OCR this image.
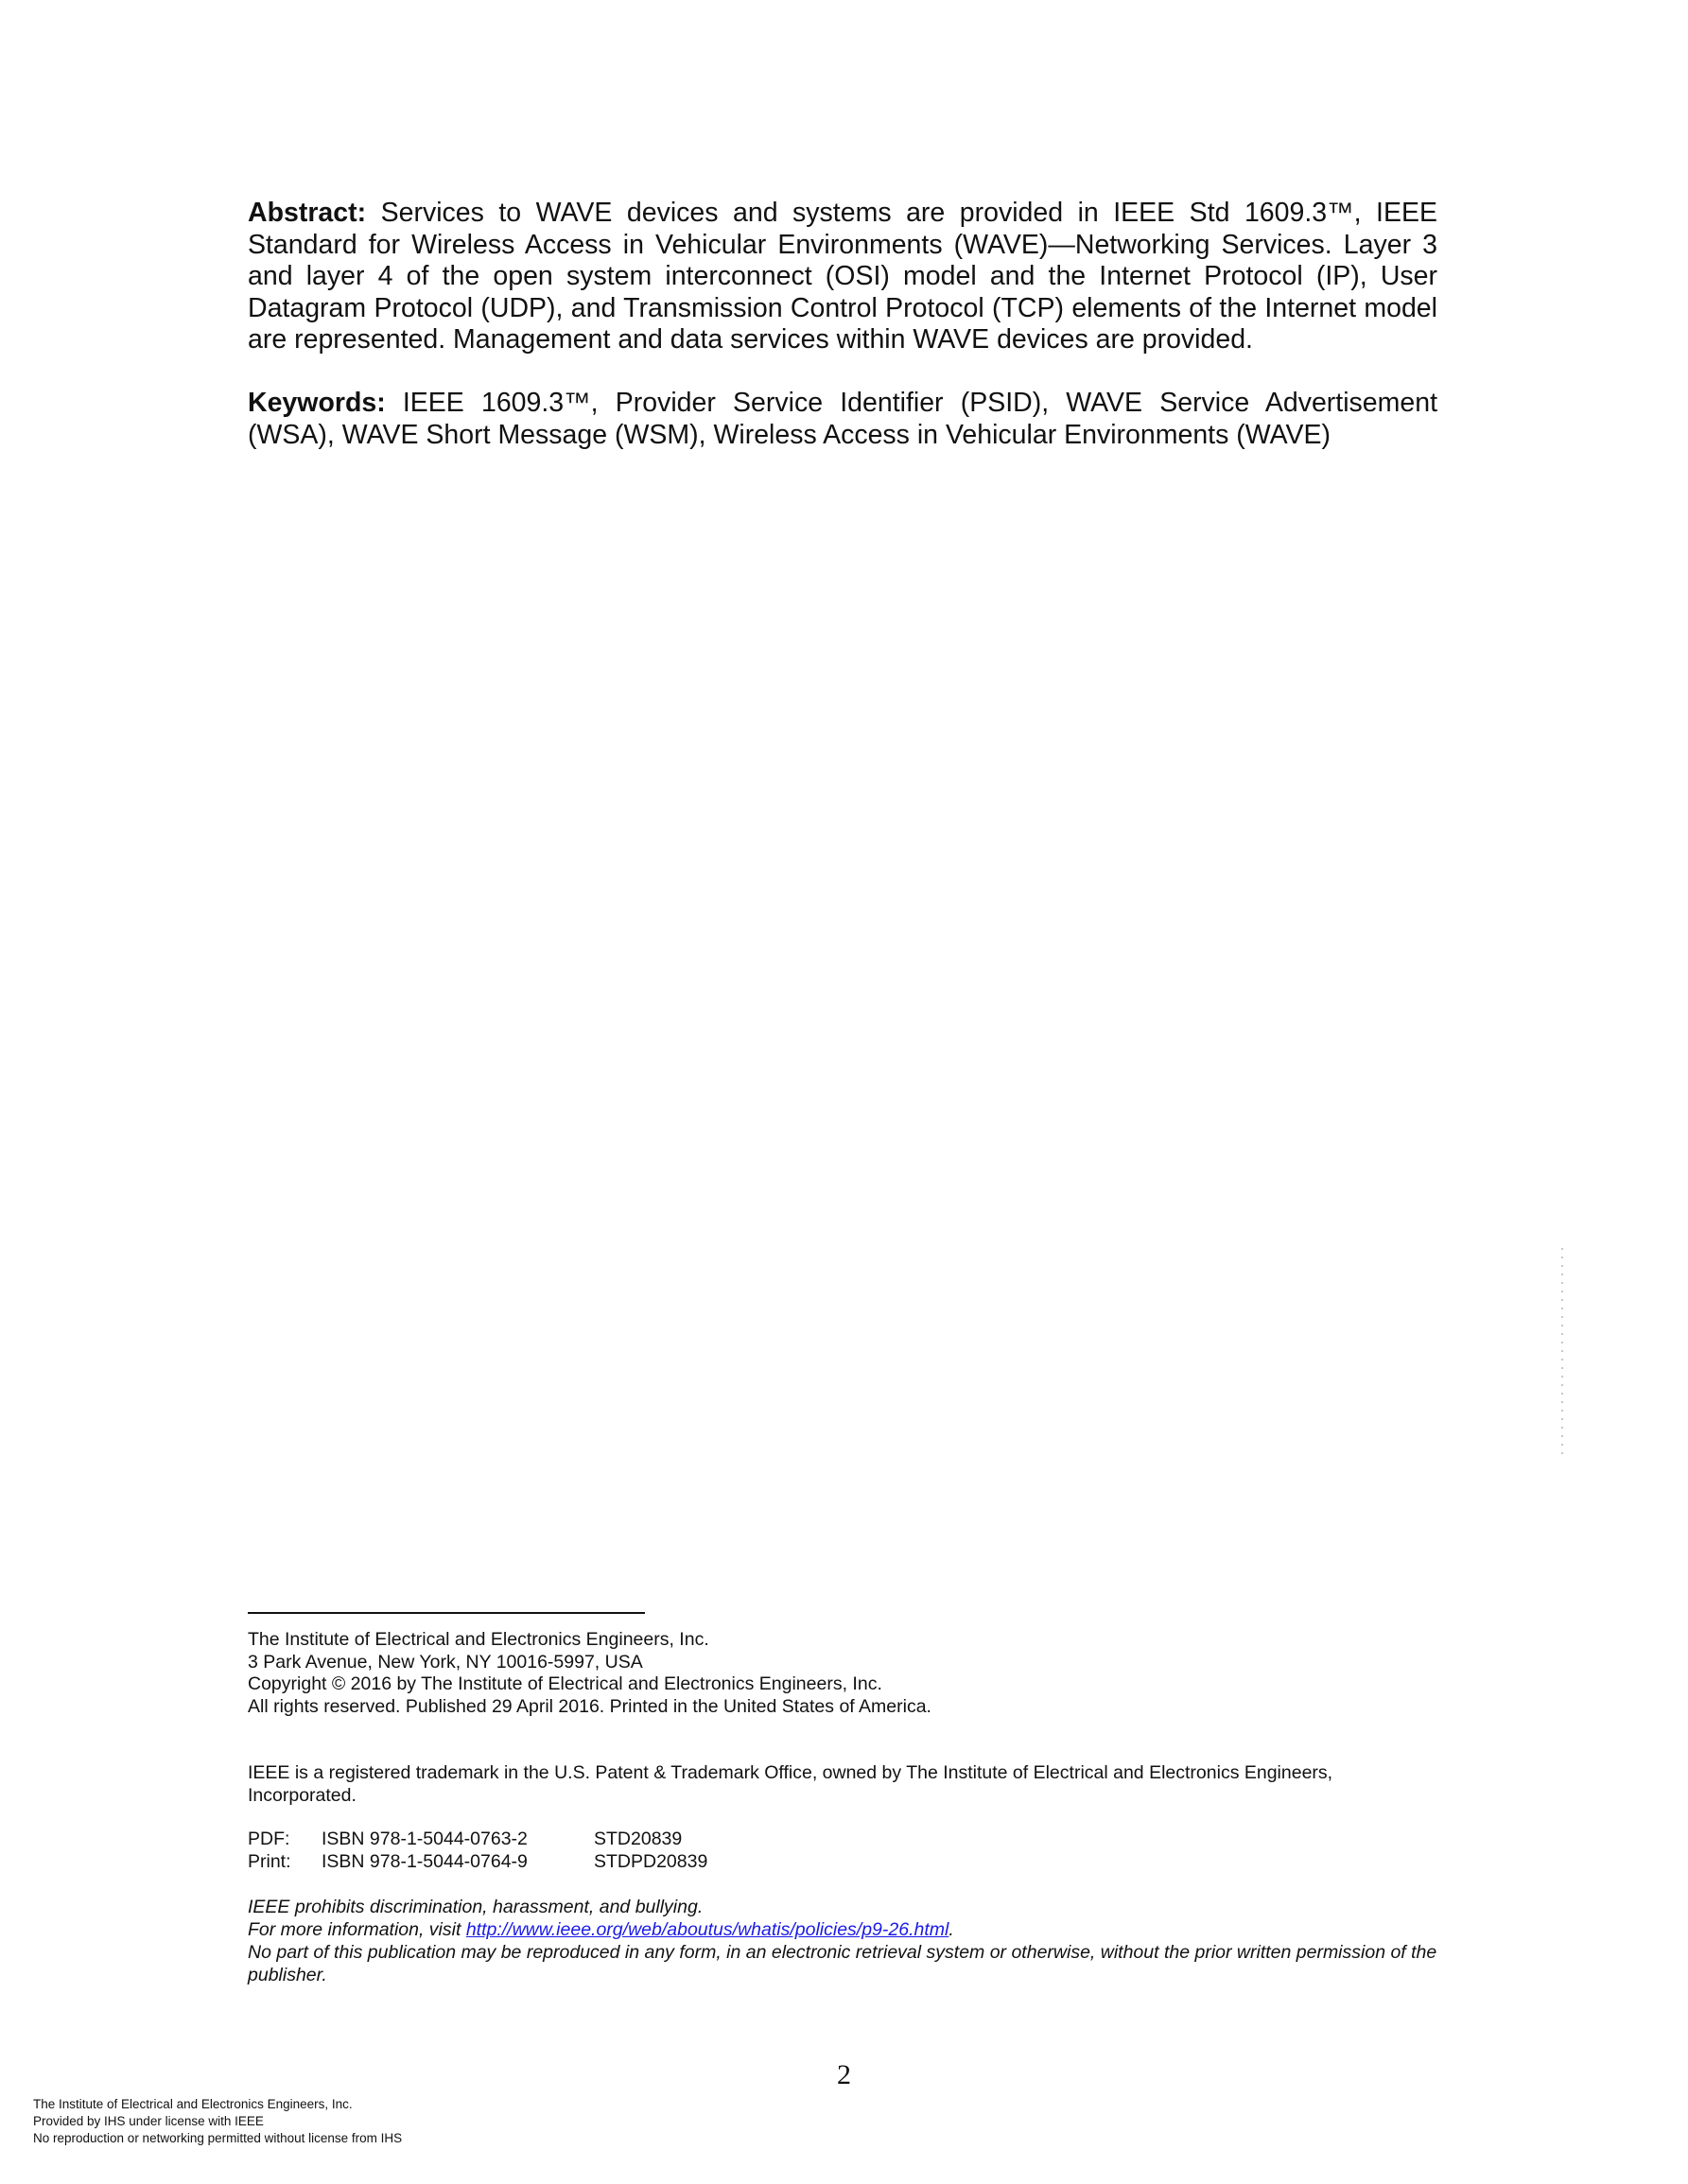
Abstract: Services to WAVE devices and systems are provided in IEEE Std 1609.3™, IEEE Standard for Wireless Access in Vehicular Environments (WAVE)—Networking Services. Layer 3 and layer 4 of the open system interconnect (OSI) model and the Internet Protocol (IP), User Datagram Protocol (UDP), and Transmission Control Protocol (TCP) elements of the Internet model are represented. Management and data services within WAVE devices are provided.

Keywords: IEEE 1609.3™, Provider Service Identifier (PSID), WAVE Service Advertisement (WSA), WAVE Short Message (WSM), Wireless Access in Vehicular Environments (WAVE)

The Institute of Electrical and Electronics Engineers, Inc.
3 Park Avenue, New York, NY 10016-5997, USA
Copyright © 2016 by The Institute of Electrical and Electronics Engineers, Inc.
All rights reserved. Published 29 April 2016. Printed in the United States of America.
IEEE is a registered trademark in the U.S. Patent & Trademark Office, owned by The Institute of Electrical and Electronics Engineers, Incorporated.
PDF:	ISBN 978-1-5044-0763-2	STD20839
Print:	ISBN 978-1-5044-0764-9	STDPD20839
IEEE prohibits discrimination, harassment, and bullying.
For more information, visit http://www.ieee.org/web/aboutus/whatis/policies/p9-26.html.
No part of this publication may be reproduced in any form, in an electronic retrieval system or otherwise, without the prior written permission of the publisher.
2
The Institute of Electrical and Electronics Engineers, Inc.
Provided by IHS under license with IEEE
No reproduction or networking permitted without license from IHS
